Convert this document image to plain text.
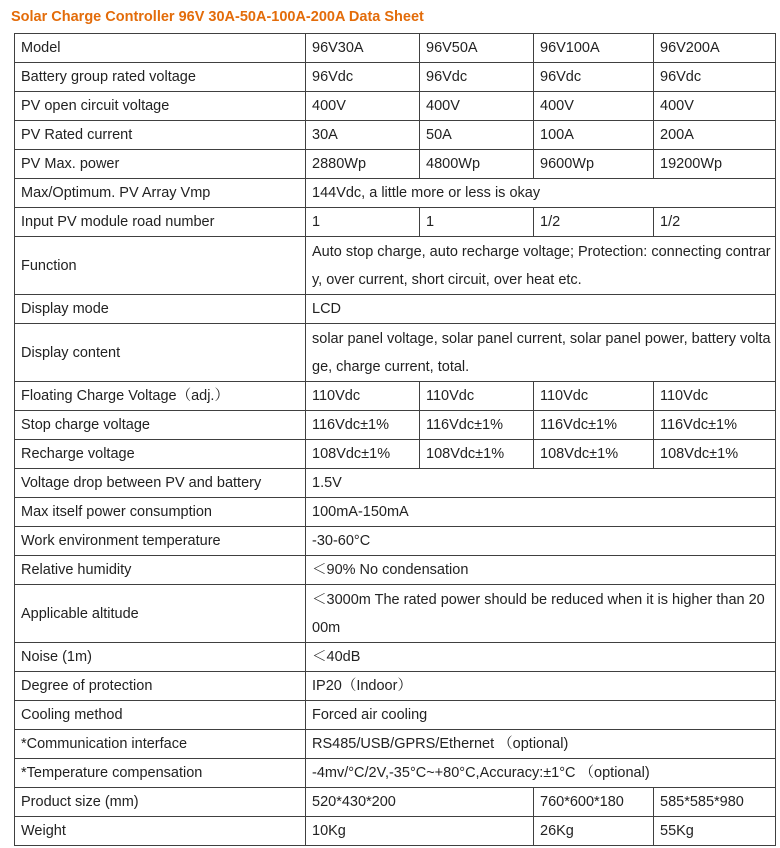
Solar Charge Controller 96V 30A-50A-100A-200A Data Sheet
Model	96V30A	96V50A	96V100A	96V200A
Battery group rated voltage	96Vdc	96Vdc	96Vdc	96Vdc
PV open circuit voltage	400V	400V	400V	400V
PV Rated current	30A	50A	100A	200A
PV Max. power	2880Wp	4800Wp	9600Wp	19200Wp
Max/Optimum. PV Array Vmp	144Vdc, a little more or less is okay			
Input PV module road number	1	1	1/2	1/2
Function	Auto stop charge, auto recharge voltage; Protection: connecting contrary, over current, short circuit, over heat etc.			
Display mode	LCD			
Display content	solar panel voltage, solar panel current, solar panel power, battery voltage, charge current, total.			
Floating Charge Voltage（adj.）	110Vdc	110Vdc	110Vdc	110Vdc
Stop charge voltage	116Vdc±1%	116Vdc±1%	116Vdc±1%	116Vdc±1%
Recharge voltage	108Vdc±1%	108Vdc±1%	108Vdc±1%	108Vdc±1%
Voltage drop between PV and battery	1.5V			
Max itself power consumption	100mA-150mA			
Work environment temperature	-30-60°C			
Relative humidity	＜90% No condensation			
Applicable altitude	＜3000m The rated power should be reduced when it is higher than 2000m			
Noise (1m)	＜40dB			
Degree of protection	IP20（Indoor）			
Cooling method	Forced air cooling			
*Communication interface	RS485/USB/GPRS/Ethernet （optional)			
*Temperature compensation	-4mv/°C/2V,-35°C~+80°C,Accuracy:±1°C （optional)			
Product size (mm)	520*430*200		760*600*180	585*585*980
Weight	10Kg		26Kg	55Kg
